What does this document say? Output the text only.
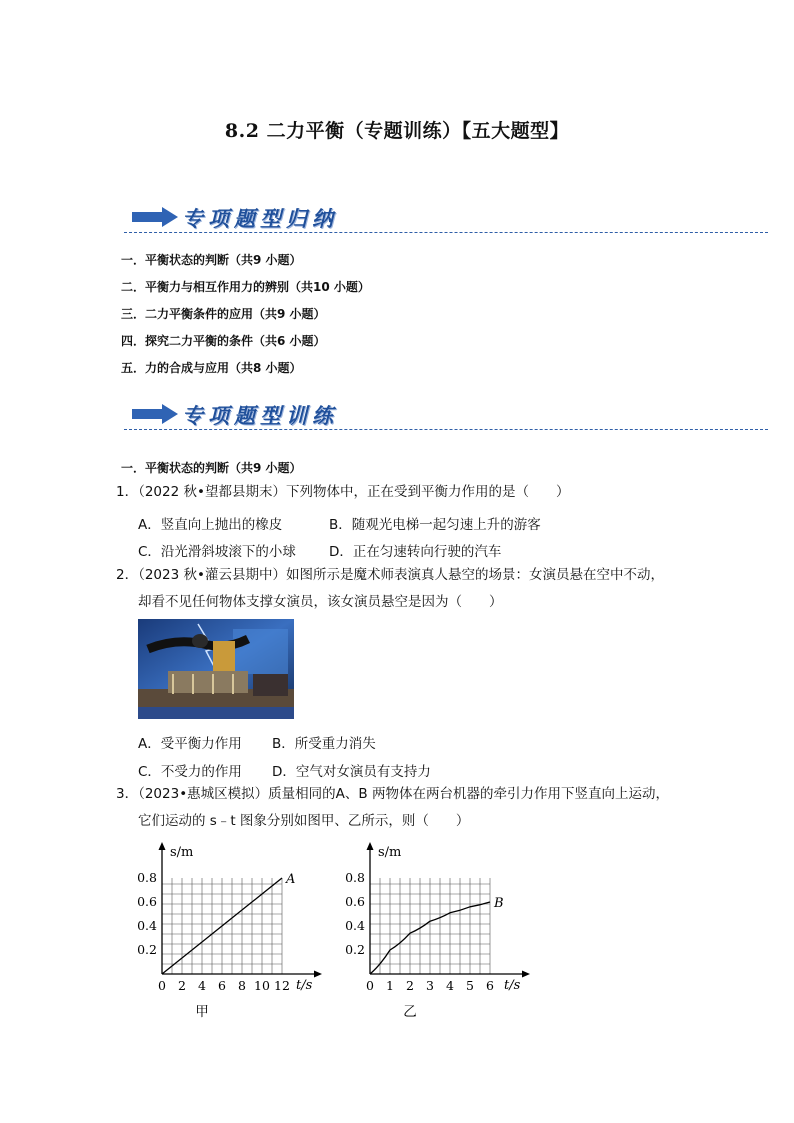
8.2 二力平衡（专题训练）【五大题型】
专项题型归纳
一．平衡状态的判断（共9 小题）
二．平衡力与相互作用力的辨别（共10 小题）
三．二力平衡条件的应用（共9 小题）
四．探究二力平衡的条件（共6 小题）
五．力的合成与应用（共8 小题）
专项题型训练
一．平衡状态的判断（共9 小题）
1．（2022 秋•望都县期末）下列物体中，正在受到平衡力作用的是（　　）
A．竖直向上抛出的橡皮	B．随观光电梯一起匀速上升的游客
C．沿光滑斜坡滚下的小球 D．正在匀速转向行驶的汽车
2．（2023 秋•灌云县期中）如图所示是魔术师表演真人悬空的场景：女演员悬在空中不动，
却看不见任何物体支撑女演员，该女演员悬空是因为（　　）
A．受平衡力作用 B．所受重力消失
C．不受力的作用 D．空气对女演员有支持力
3．（2023•惠城区模拟）质量相同的A、B 两物体在两台机器的牵引力作用下竖直向上运动，
它们运动的 s﹣t 图象分别如图甲、乙所示，则（　　）
s/m
t/s
0.2
0.4
0.6
0.8
0 2 4 6 8 10 12
A
甲
s/m
t/s
0.2
0.4
0.6
0.8
0 1 2 3 4 5 6
B
乙
